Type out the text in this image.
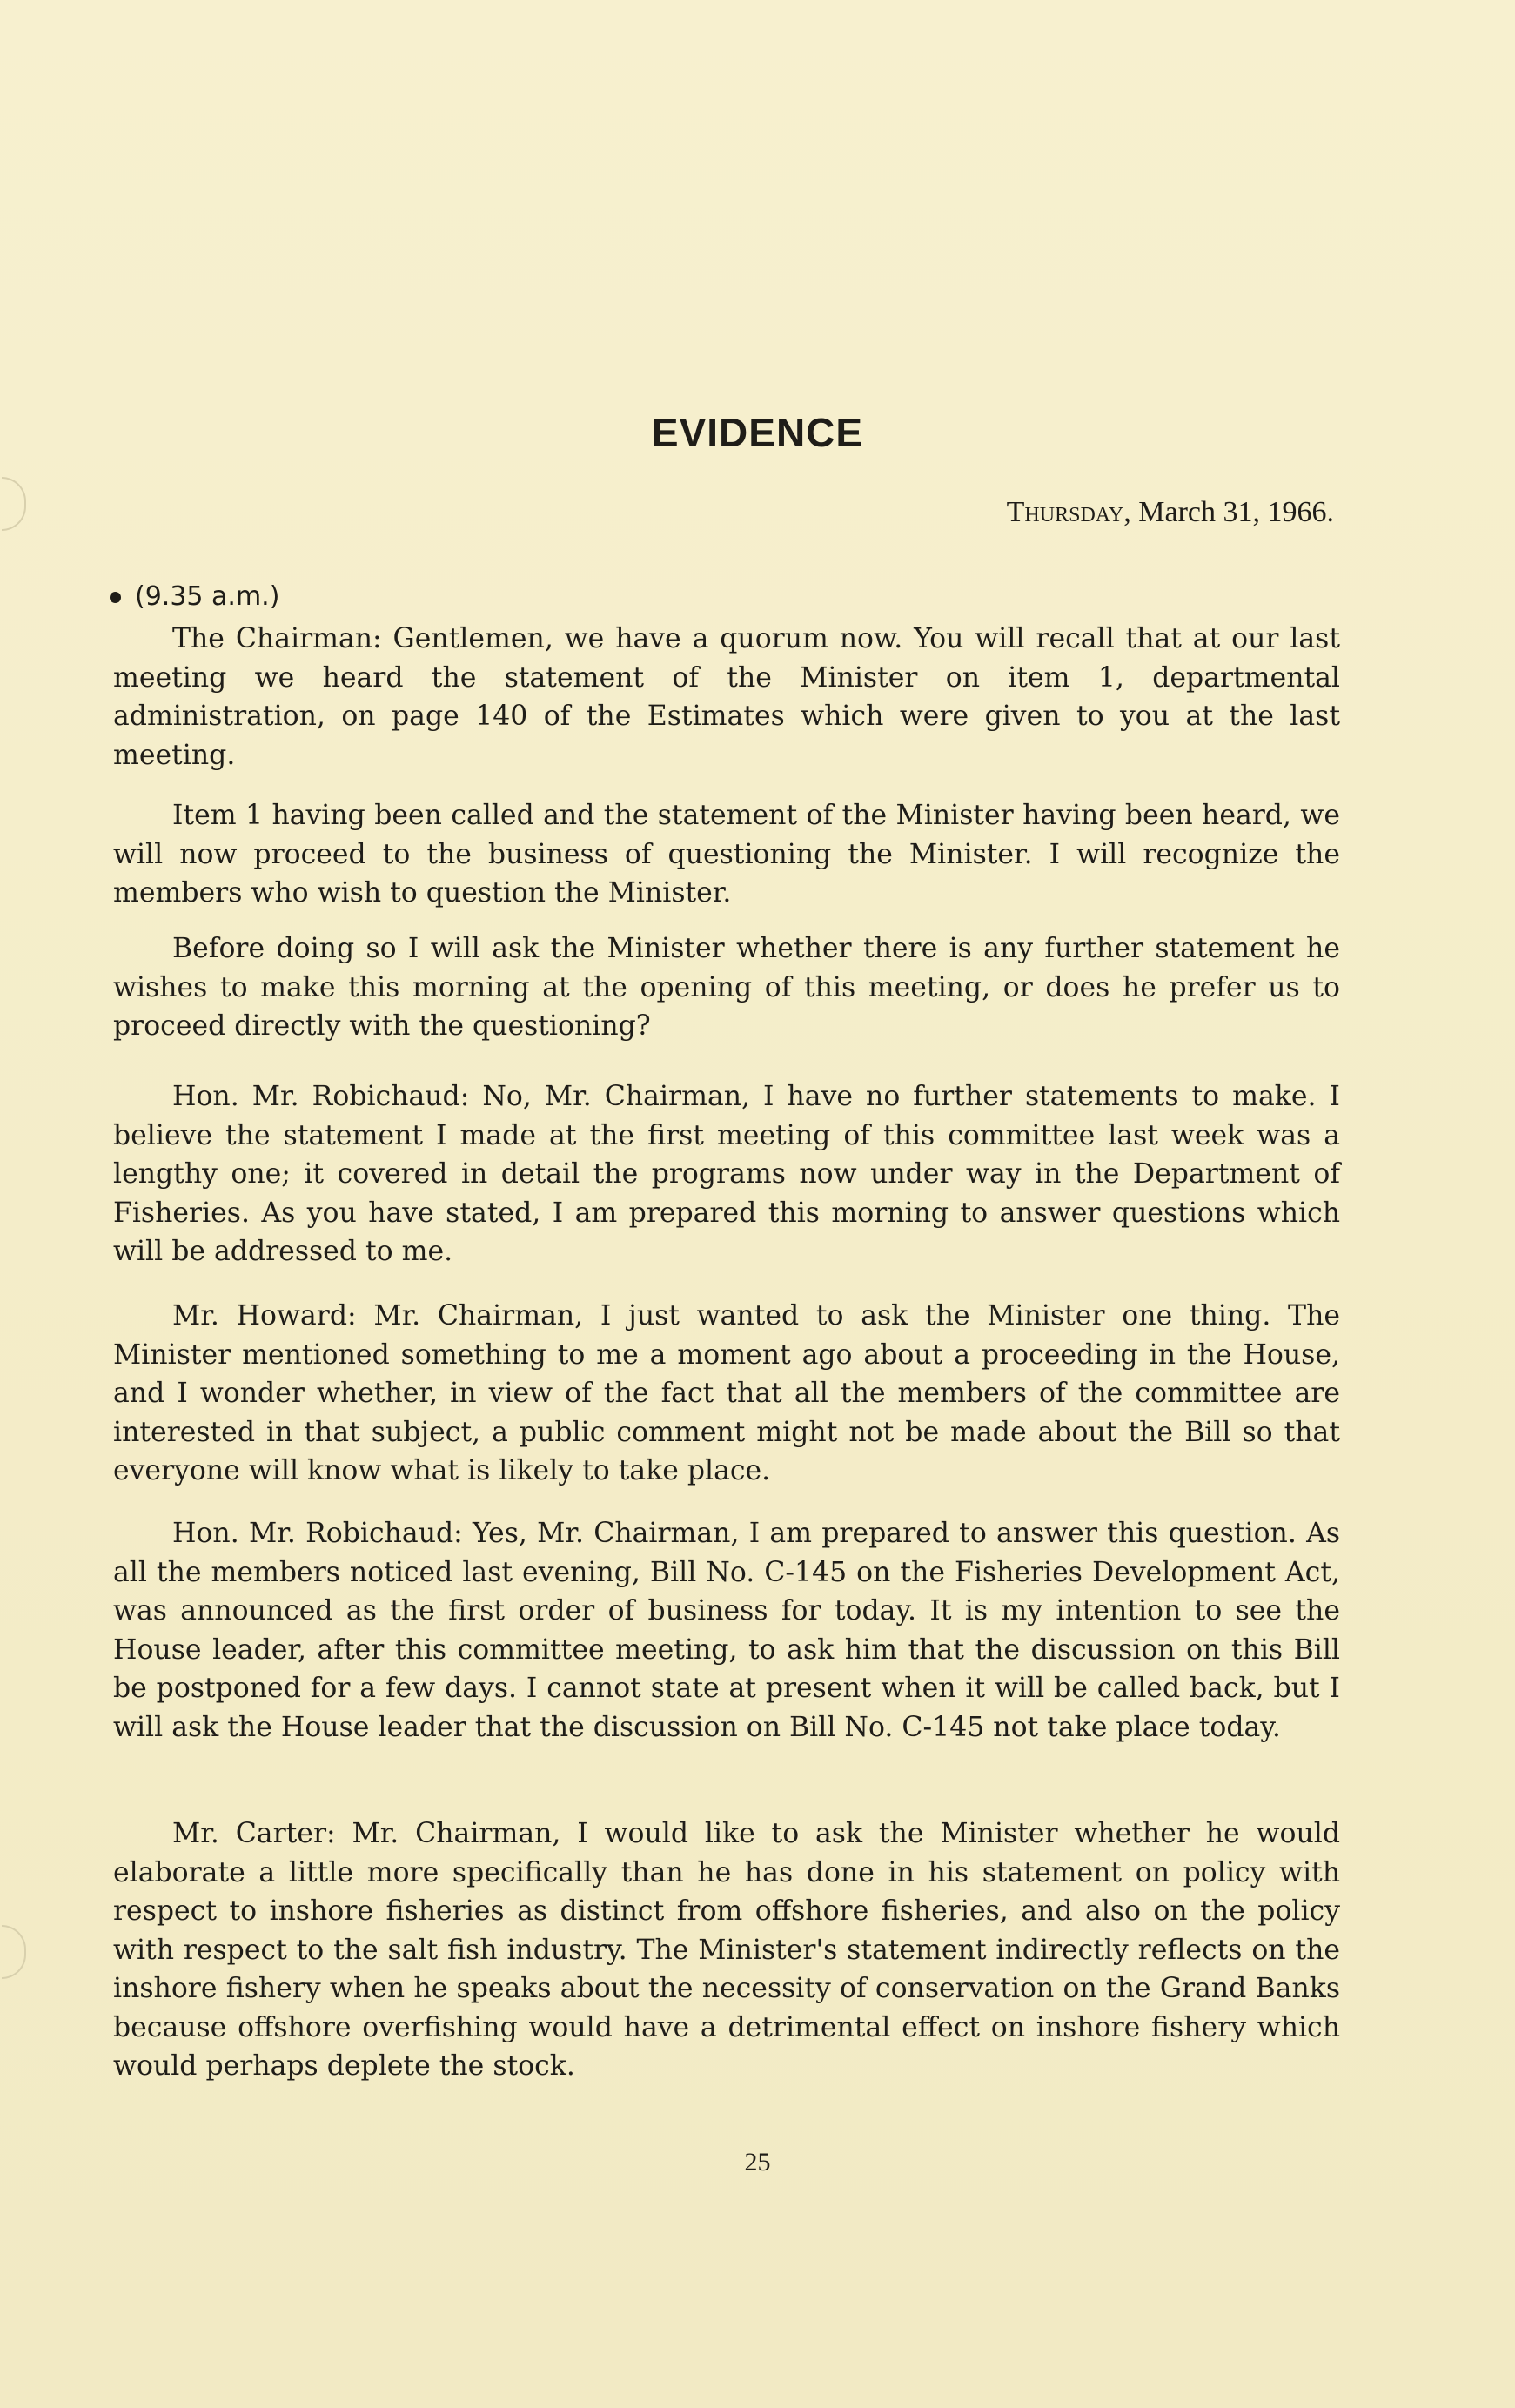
EVIDENCE
Thursday, March 31, 1966.
(9.35 a.m.)

The Chairman: Gentlemen, we have a quorum now. You will recall that at our last meeting we heard the statement of the Minister on item 1, departmental administration, on page 140 of the Estimates which were given to you at the last meeting.

Item 1 having been called and the statement of the Minister having been heard, we will now proceed to the business of questioning the Minister. I will recognize the members who wish to question the Minister.

Before doing so I will ask the Minister whether there is any further statement he wishes to make this morning at the opening of this meeting, or does he prefer us to proceed directly with the questioning?

Hon. Mr. Robichaud: No, Mr. Chairman, I have no further statements to make. I believe the statement I made at the first meeting of this committee last week was a lengthy one; it covered in detail the programs now under way in the Department of Fisheries. As you have stated, I am prepared this morning to answer questions which will be addressed to me.

Mr. Howard: Mr. Chairman, I just wanted to ask the Minister one thing. The Minister mentioned something to me a moment ago about a proceeding in the House, and I wonder whether, in view of the fact that all the members of the committee are interested in that subject, a public comment might not be made about the Bill so that everyone will know what is likely to take place.

Hon. Mr. Robichaud: Yes, Mr. Chairman, I am prepared to answer this question. As all the members noticed last evening, Bill No. C-145 on the Fisheries Development Act, was announced as the first order of business for today. It is my intention to see the House leader, after this committee meeting, to ask him that the discussion on this Bill be postponed for a few days. I cannot state at present when it will be called back, but I will ask the House leader that the discussion on Bill No. C-145 not take place today.

Mr. Carter: Mr. Chairman, I would like to ask the Minister whether he would elaborate a little more specifically than he has done in his statement on policy with respect to inshore fisheries as distinct from offshore fisheries, and also on the policy with respect to the salt fish industry. The Minister's statement indirectly reflects on the inshore fishery when he speaks about the necessity of conservation on the Grand Banks because offshore overfishing would have a detrimental effect on inshore fishery which would perhaps deplete the stock.

25
